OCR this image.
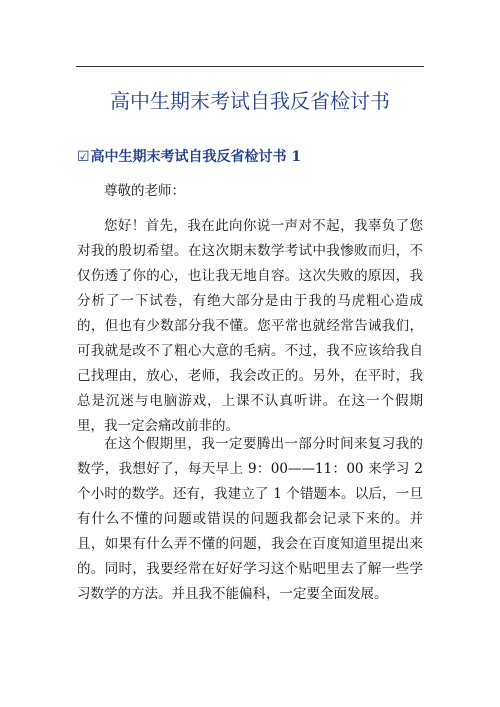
高中生期末考试自我反省检讨书
☑高中生期末考试自我反省检讨书 1
尊敬的老师：

您好！首先，我在此向你说一声对不起，我辜负了您对我的殷切希望。在这次期末数学考试中我惨败而归，不仅伤透了你的心，也让我无地自容。这次失败的原因，我分析了一下试卷，有绝大部分是由于我的马虎粗心造成的，但也有少数部分我不懂。您平常也就经常告诫我们，可我就是改不了粗心大意的毛病。不过，我不应该给我自己找理由，放心，老师，我会改正的。另外，在平时，我总是沉迷与电脑游戏，上课不认真听讲。在这一个假期里，我一定会痛改前非的。

在这个假期里，我一定要腾出一部分时间来复习我的数学，我想好了，每天早上 9：00——11：00 来学习 2 个小时的数学。还有，我建立了 1 个错题本。以后，一旦有什么不懂的问题或错误的问题我都会记录下来的。并且，如果有什么弄不懂的问题，我会在百度知道里提出来的。同时，我要经常在好好学习这个贴吧里去了解一些学习数学的方法。并且我不能偏科，一定要全面发展。
